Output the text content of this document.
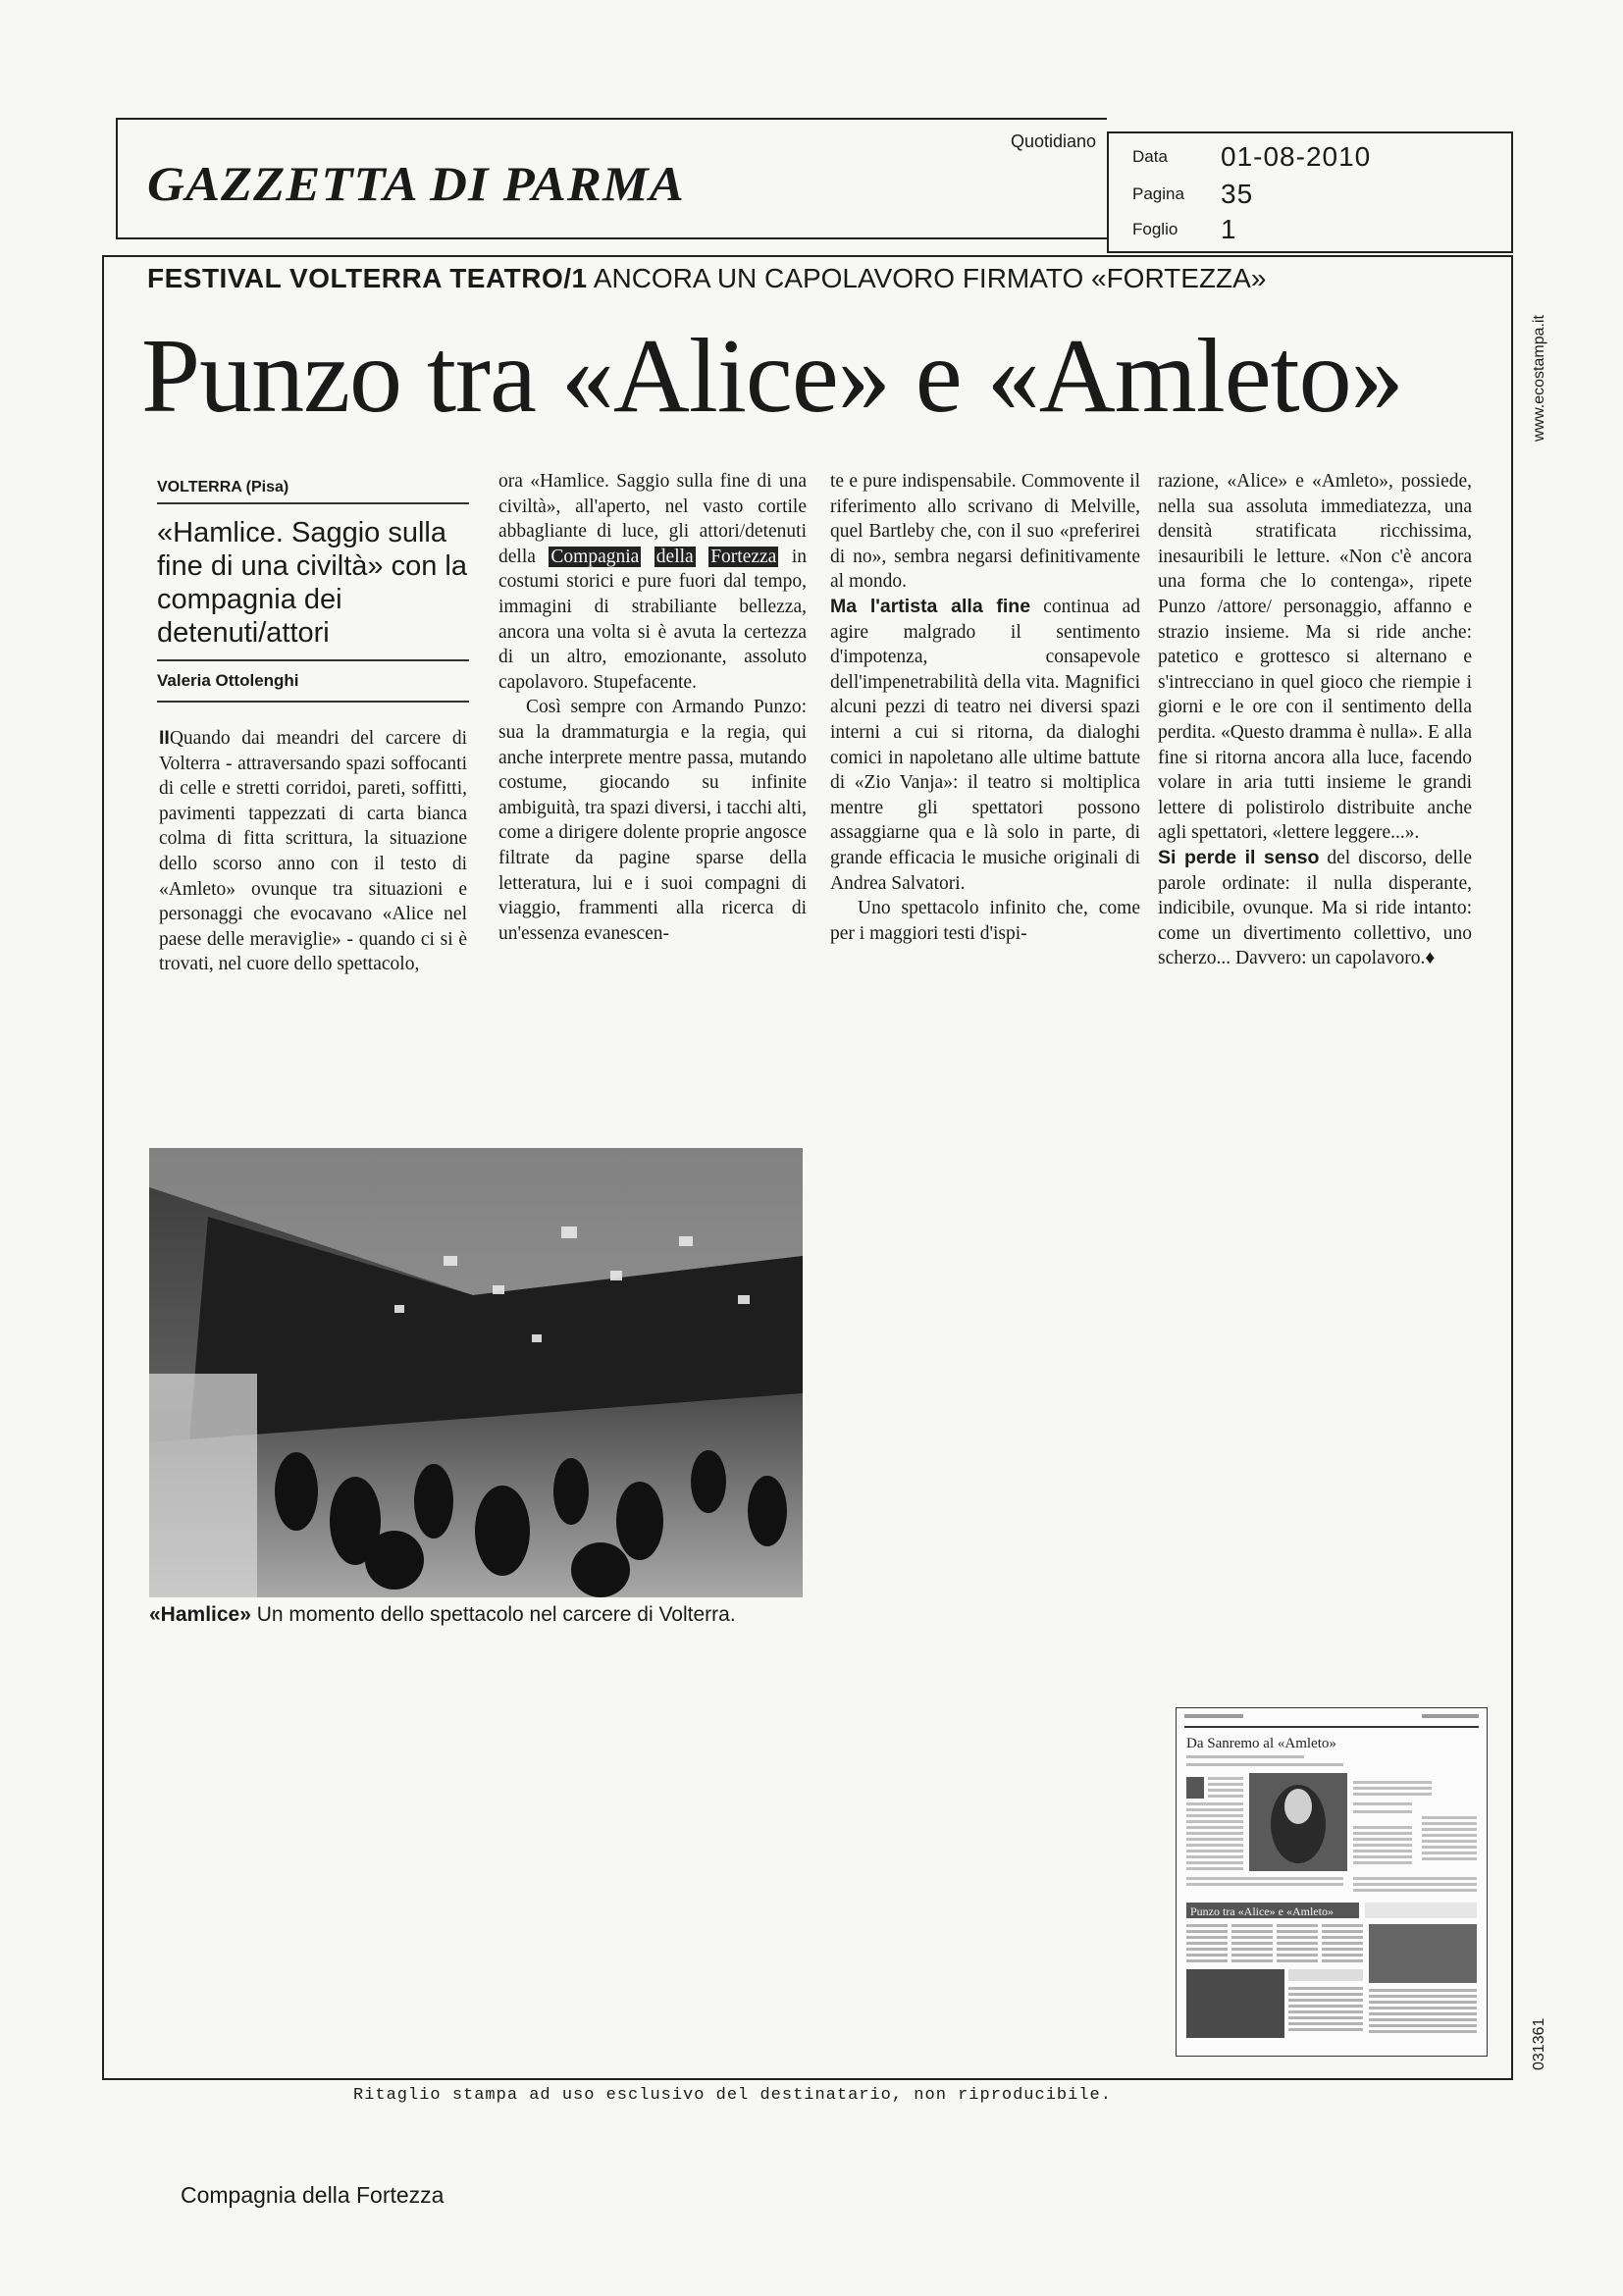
GAZZETTA DI PARMA
Quotidiano
Data 01-08-2010
Pagina 35
Foglio 1
www.ecostampa.it
031361
FESTIVAL VOLTERRA TEATRO/1 ANCORA UN CAPOLAVORO FIRMATO «FORTEZZA»
Punzo tra «Alice» e «Amleto»
VOLTERRA (Pisa)
«Hamlice. Saggio sulla fine di una civiltà» con la compagnia dei detenuti/attori
Valeria Ottolenghi

IIQuando dai meandri del carcere di Volterra - attraversando spazi soffocanti di celle e stretti corridoi, pareti, soffitti, pavimenti tappezzati di carta bianca colma di fitta scrittura, la situazione dello scorso anno con il testo di «Amleto» ovunque tra situazioni e personaggi che evocavano «Alice nel paese delle meraviglie» - quando ci si è trovati, nel cuore dello spettacolo,

ora «Hamlice. Saggio sulla fine di una civiltà», all'aperto, nel vasto cortile abbagliante di luce, gli attori/detenuti della Compagnia della Fortezza in costumi storici e pure fuori dal tempo, immagini di strabiliante bellezza, ancora una volta si è avuta la certezza di un altro, emozionante, assoluto capolavoro. Stupefacente.

Così sempre con Armando Punzo: sua la drammaturgia e la regia, qui anche interprete mentre passa, mutando costume, giocando su infinite ambiguità, tra spazi diversi, i tacchi alti, come a dirigere dolente proprie angosce filtrate da pagine sparse della letteratura, lui e i suoi compagni di viaggio, frammenti alla ricerca di un'essenza evanescen-

te e pure indispensabile. Commovente il riferimento allo scrivano di Melville, quel Bartleby che, con il suo «preferirei di no», sembra negarsi definitivamente al mondo.

Ma l'artista alla fine continua ad agire malgrado il sentimento d'impotenza, consapevole dell'impenetrabilità della vita. Magnifici alcuni pezzi di teatro nei diversi spazi interni a cui si ritorna, da dialoghi comici in napoletano alle ultime battute di «Zio Vanja»: il teatro si moltiplica mentre gli spettatori possono assaggiarne qua e là solo in parte, di grande efficacia le musiche originali di Andrea Salvatori.

Uno spettacolo infinito che, come per i maggiori testi d'ispi-

razione, «Alice» e «Amleto», possiede, nella sua assoluta immediatezza, una densità stratificata ricchissima, inesauribili le letture. «Non c'è ancora una forma che lo contenga», ripete Punzo /attore/ personaggio, affanno e strazio insieme. Ma si ride anche: patetico e grottesco si alternano e s'intrecciano in quel gioco che riempie i giorni e le ore con il sentimento della perdita. «Questo dramma è nulla». E alla fine si ritorna ancora alla luce, facendo volare in aria tutti insieme le grandi lettere di polistirolo distribuite anche agli spettatori, «lettere leggere...».

Si perde il senso del discorso, delle parole ordinate: il nulla disperante, indicibile, ovunque. Ma si ride intanto: come un divertimento collettivo, uno scherzo... Davvero: un capolavoro.♦

«Hamlice» Un momento dello spettacolo nel carcere di Volterra.
Da Sanremo al «Amleto»
Punzo tra «Alice» e «Amleto»
Ritaglio stampa ad uso esclusivo del destinatario, non riproducibile.
Compagnia della Fortezza
